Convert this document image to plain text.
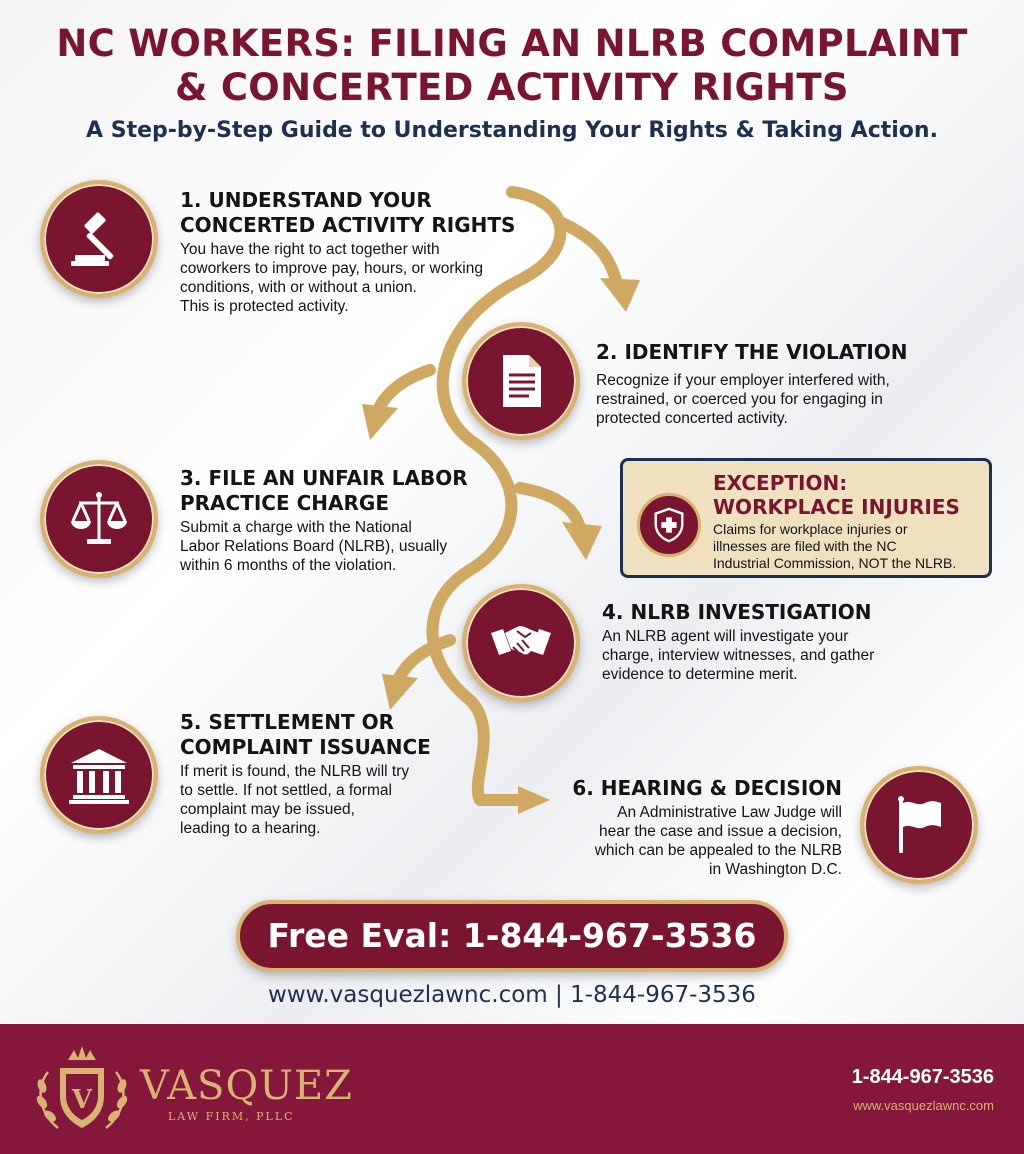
NC WORKERS: FILING AN NLRB COMPLAINT
& CONCERTED ACTIVITY RIGHTS
A Step-by-Step Guide to Understanding Your Rights & Taking Action.
1. UNDERSTAND YOUR
CONCERTED ACTIVITY RIGHTS

You have the right to act together with
coworkers to improve pay, hours, or working
conditions, with or without a union.
This is protected activity.

2. IDENTIFY THE VIOLATION

Recognize if your employer interfered with,
restrained, or coerced you for engaging in
protected concerted activity.

3. FILE AN UNFAIR LABOR
PRACTICE CHARGE

Submit a charge with the National
Labor Relations Board (NLRB), usually
within 6 months of the violation.

EXCEPTION:
WORKPLACE INJURIES
Claims for workplace injuries or
illnesses are filed with the NC
Industrial Commission, NOT the NLRB.
4. NLRB INVESTIGATION

An NLRB agent will investigate your
charge, interview witnesses, and gather
evidence to determine merit.

5. SETTLEMENT OR
COMPLAINT ISSUANCE

If merit is found, the NLRB will try
to settle. If not settled, a formal
complaint may be issued,
leading to a hearing.

6. HEARING & DECISION

An Administrative Law Judge will
hear the case and issue a decision,
which can be appealed to the NLRB
in Washington D.C.

Free Eval: 1-844-967-3536
www.vasquezlawnc.com | 1-844-967-3536
V VASQUEZ
LAW FIRM, PLLC
1-844-967-3536
www.vasquezlawnc.com
